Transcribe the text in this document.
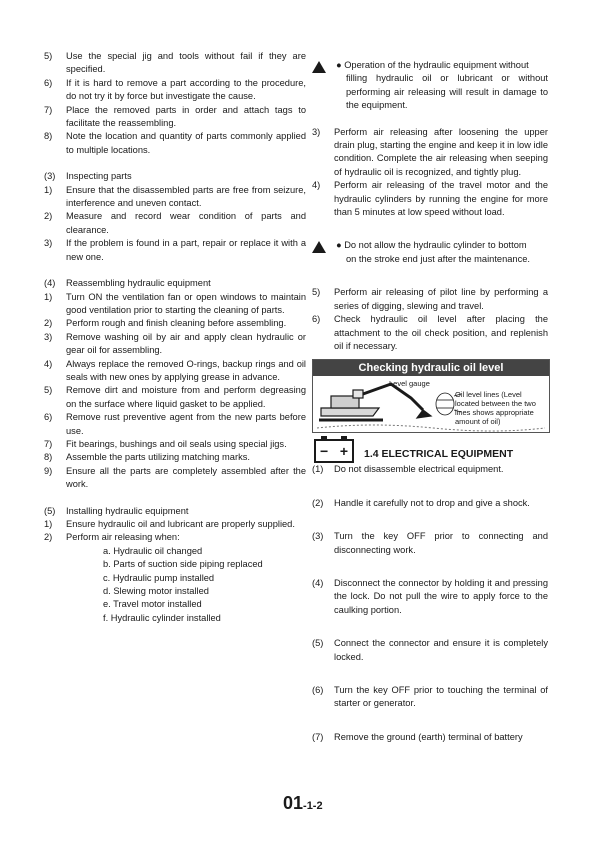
5)	Use the special jig and tools without fail if they are specified.
6)	If it is hard to remove a part according to the procedure, do not try it by force but investigate the cause.
7)	Place the removed parts in order and attach tags to facilitate the reassembling.
8)	Note the location and quantity of parts commonly applied to multiple locations.
(3)	Inspecting parts
1)	Ensure that the disassembled parts are free from seizure, interference and uneven contact.
2)	Measure and record wear condition of parts and clearance.
3)	If the problem is found in a part, repair or replace it with a new one.
(4)	Reassembling hydraulic equipment
1)	Turn ON the ventilation fan or open windows to maintain good ventilation prior to starting the cleaning of parts.
2)	Perform rough and finish cleaning before assembling.
3)	Remove washing oil by air and apply clean hydraulic or gear oil for assembling.
4)	Always replace the removed O-rings, backup rings and oil seals with new ones by applying grease in advance.
5)	Remove dirt and moisture from and perform degreasing on the surface where liquid gasket to be applied.
6)	Remove rust preventive agent from the new parts before use.
7)	Fit bearings, bushings and oil seals using special jigs.
8)	Assemble the parts utilizing matching marks.
9)	Ensure all the parts are completely assembled after the work.
(5)	Installing hydraulic equipment
1)	Ensure hydraulic oil and lubricant are properly supplied.
2)	Perform air releasing when:
a. Hydraulic oil changed
b. Parts of suction side piping replaced
c. Hydraulic pump installed
d. Slewing motor installed
e. Travel motor installed
f. Hydraulic cylinder installed
● Operation of the hydraulic equipment without
filling hydraulic oil or lubricant or without performing air releasing will result in damage to the equipment.
3)	Perform air releasing after loosening the upper drain plug, starting the engine and keep it in low idle condition. Complete the air releasing when seeping of hydraulic oil is recognized, and tightly plug.
4)	Perform air releasing of the travel motor and the hydraulic cylinders by running the engine for more than 5 minutes at low speed without load.
● Do not allow the hydraulic cylinder to bottom
on the stroke end just after the maintenance.
5)	Perform air releasing of pilot line by performing a series of digging, slewing and travel.
6)	Check hydraulic oil level after placing the attachment to the oil check position, and replenish oil if necessary.
Checking hydraulic oil level
Level gauge
Oil level lines (Level located between the two lines shows appropriate amount of oil)
− + 1.4 ELECTRICAL EQUIPMENT
(1)	Do not disassemble electrical equipment.
(2)	Handle it carefully not to drop and give a shock.
(3)	Turn the key OFF prior to connecting and disconnecting work.
(4)	Disconnect the connector by holding it and pressing the lock. Do not pull the wire to apply force to the caulking portion.
(5)	Connect the connector and ensure it is completely locked.
(6)	Turn the key OFF prior to touching the terminal of starter or generator.
(7)	Remove the ground (earth) terminal of battery
01-1-2
